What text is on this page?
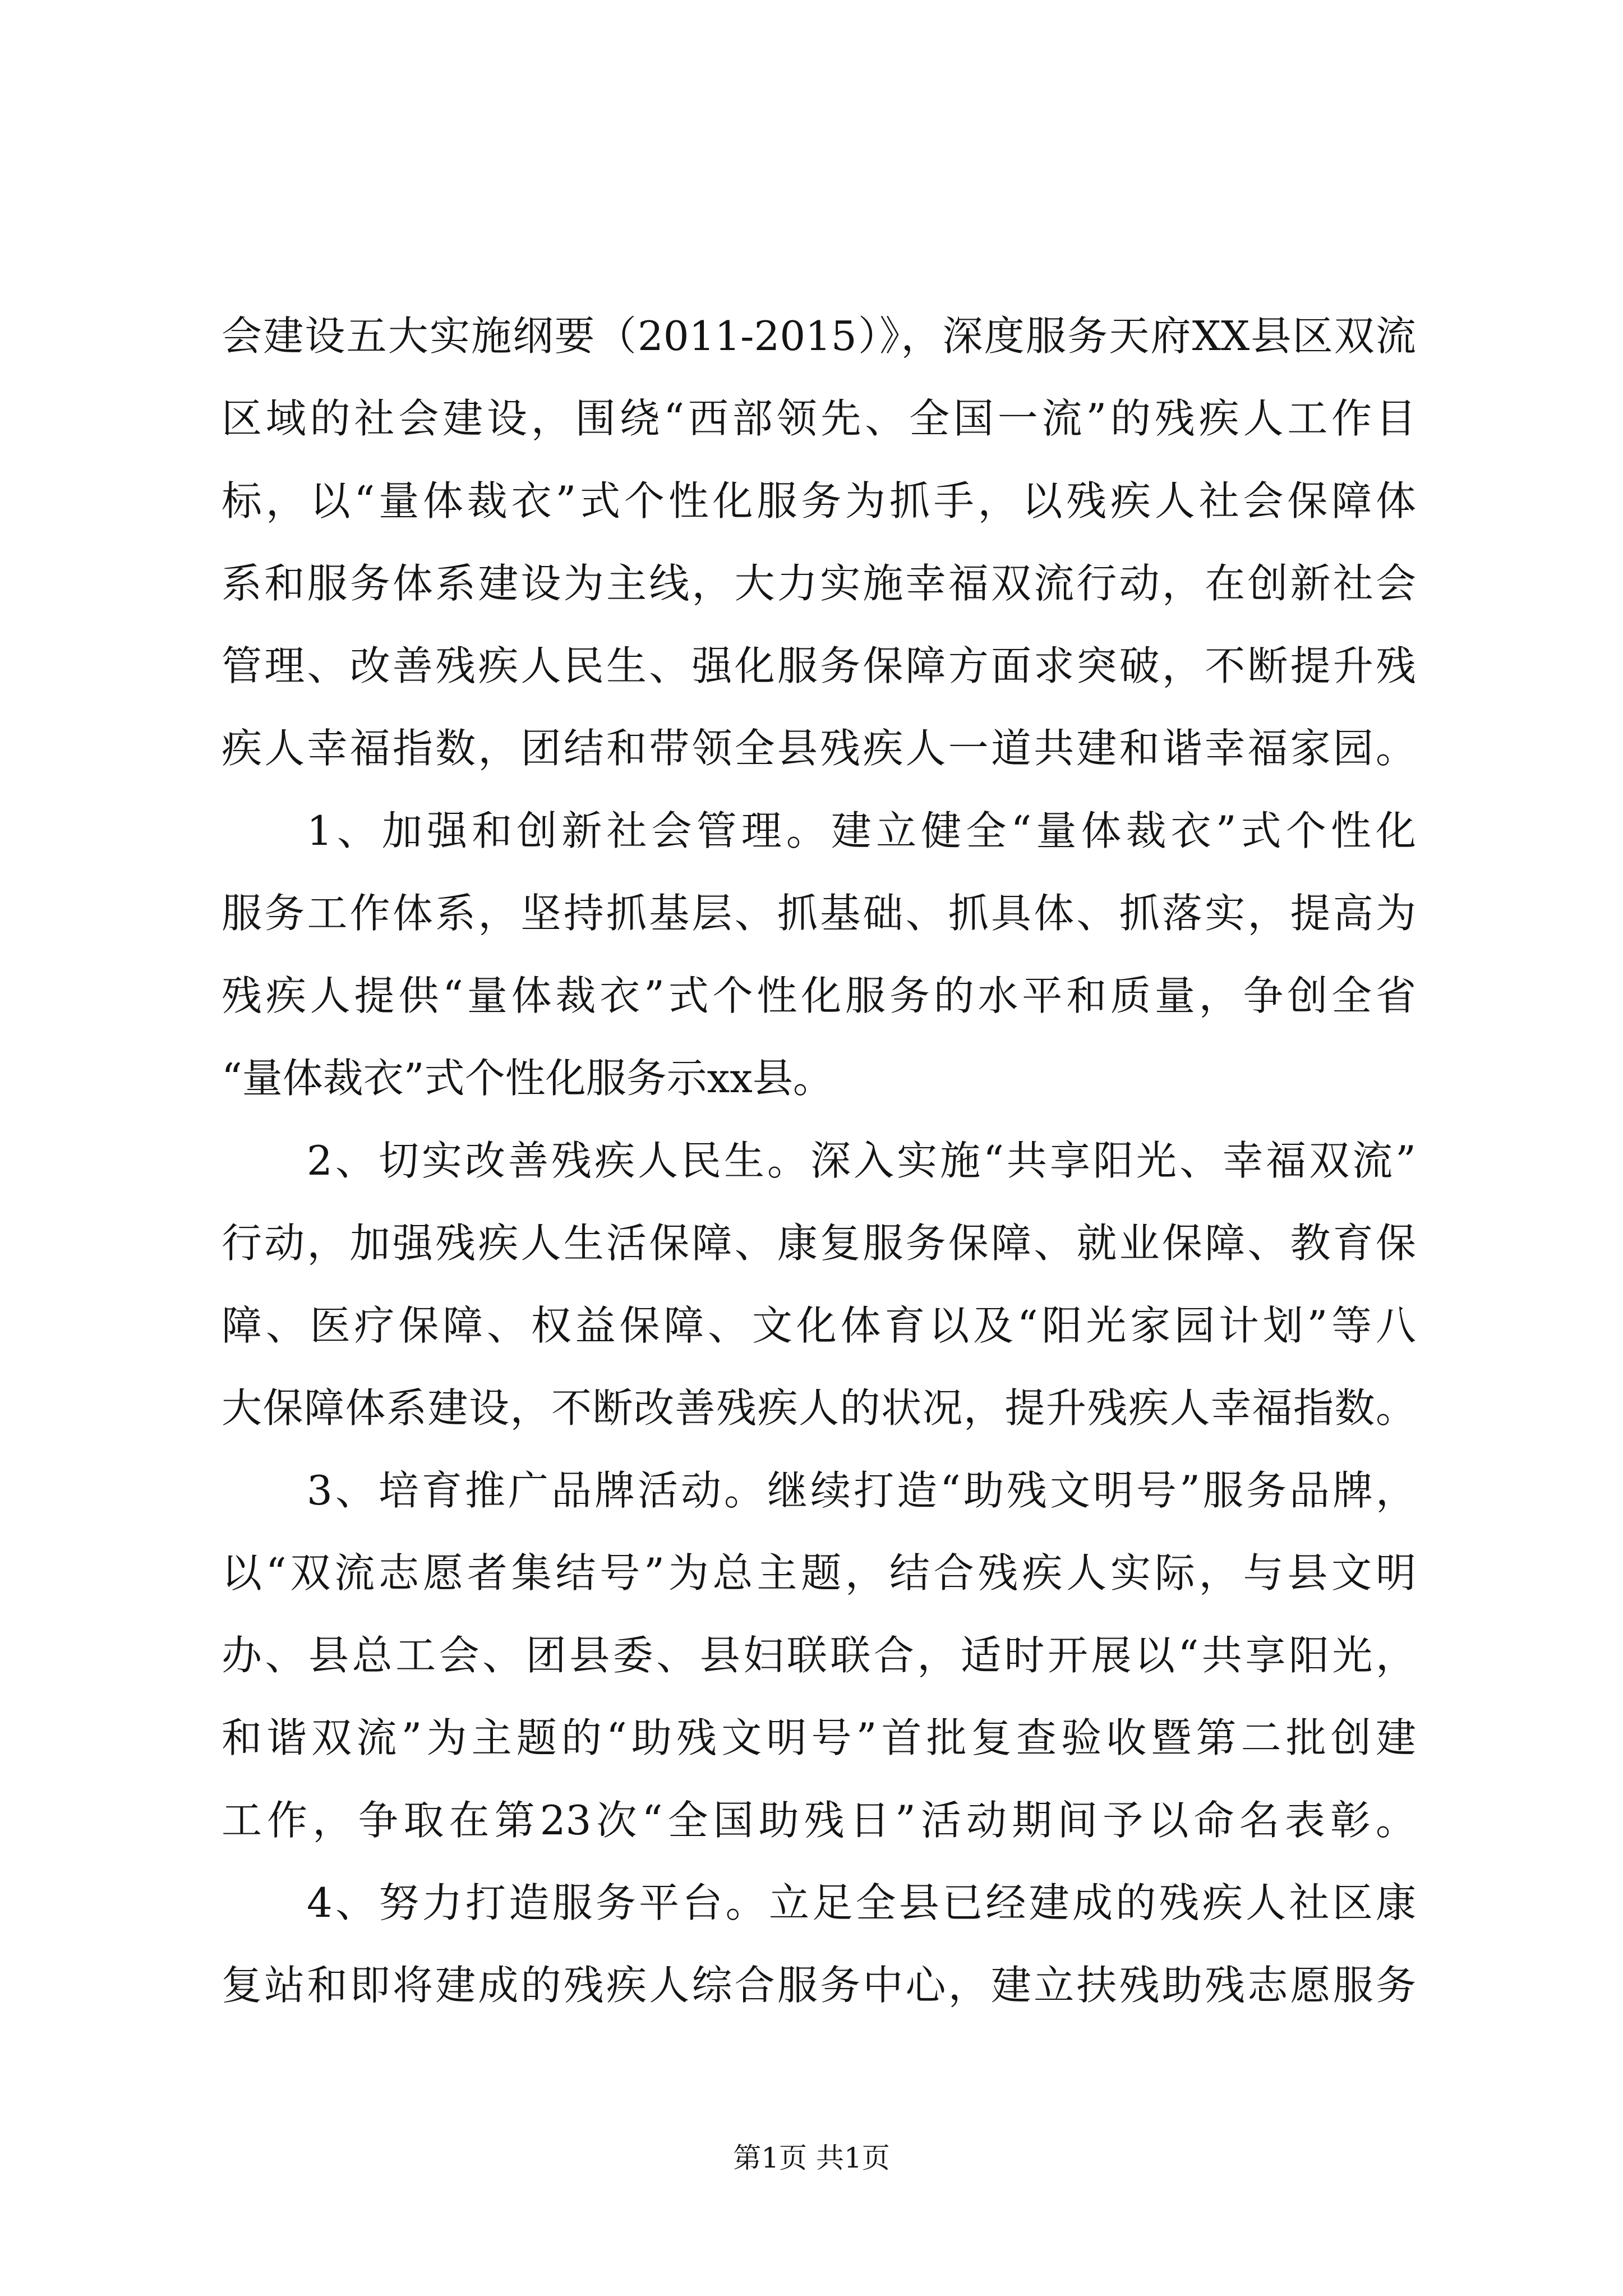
会建设五大实施纲要（2011-2015）》，深度服务天府XX县区双流
区域的社会建设，围绕“西部领先、全国一流”的残疾人工作目
标，以“量体裁衣”式个性化服务为抓手，以残疾人社会保障体
系和服务体系建设为主线，大力实施幸福双流行动，在创新社会
管理、改善残疾人民生、强化服务保障方面求突破，不断提升残
疾人幸福指数，团结和带领全县残疾人一道共建和谐幸福家园。
1、加强和创新社会管理。建立健全“量体裁衣”式个性化
服务工作体系，坚持抓基层、抓基础、抓具体、抓落实，提高为
残疾人提供“量体裁衣”式个性化服务的水平和质量，争创全省
“量体裁衣”式个性化服务示xx县。
2、切实改善残疾人民生。深入实施“共享阳光、幸福双流”
行动，加强残疾人生活保障、康复服务保障、就业保障、教育保
障、医疗保障、权益保障、文化体育以及“阳光家园计划”等八
大保障体系建设，不断改善残疾人的状况，提升残疾人幸福指数。
3、培育推广品牌活动。继续打造“助残文明号”服务品牌，
以“双流志愿者集结号”为总主题，结合残疾人实际，与县文明
办、县总工会、团县委、县妇联联合，适时开展以“共享阳光，
和谐双流”为主题的“助残文明号”首批复查验收暨第二批创建
工作，争取在第23次“全国助残日”活动期间予以命名表彰。
4、努力打造服务平台。立足全县已经建成的残疾人社区康
复站和即将建成的残疾人综合服务中心，建立扶残助残志愿服务
第1页 共1页
